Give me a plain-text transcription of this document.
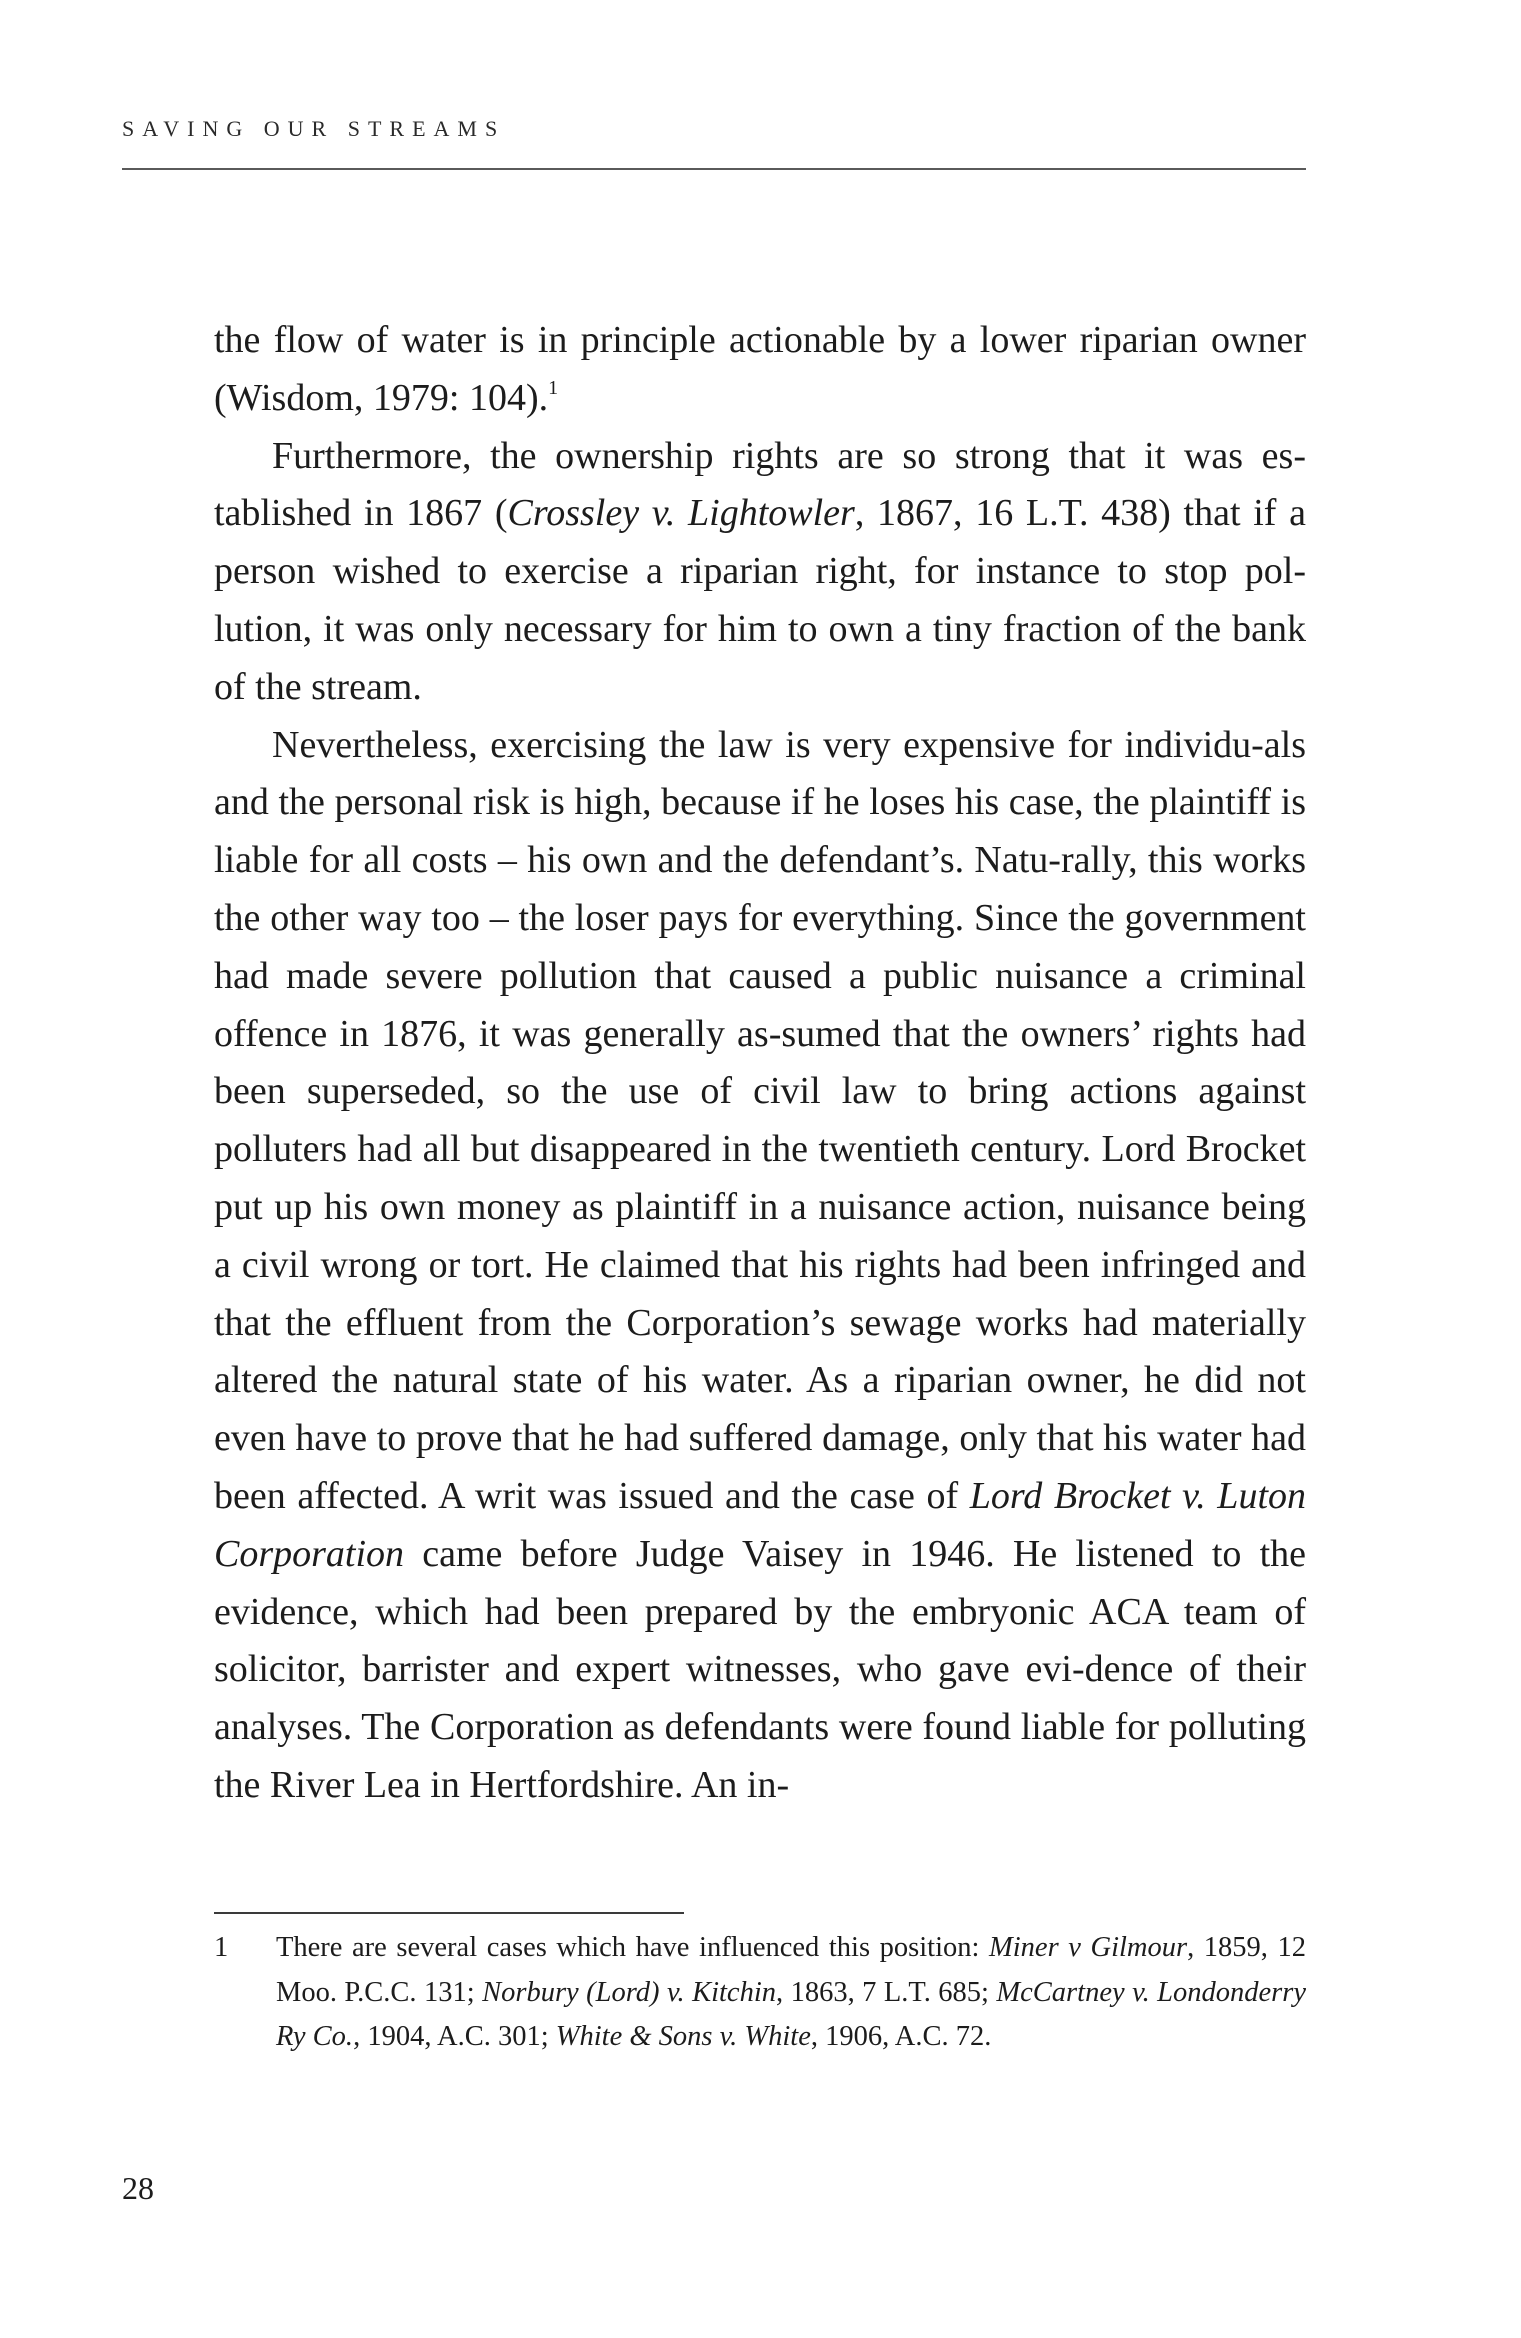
SAVING OUR STREAMS

the flow of water is in principle actionable by a lower riparian owner (Wisdom, 1979: 104).$^1$

Furthermore, the ownership rights are so strong that it was es-tablished in 1867 (Crossley v. Lightowler, 1867, 16 L.T. 438) that if a person wished to exercise a riparian right, for instance to stop pol-lution, it was only necessary for him to own a tiny fraction of the bank of the stream.

Nevertheless, exercising the law is very expensive for individu-als and the personal risk is high, because if he loses his case, the plaintiff is liable for all costs – his own and the defendant’s. Natu-rally, this works the other way too – the loser pays for everything. Since the government had made severe pollution that caused a public nuisance a criminal offence in 1876, it was generally as-sumed that the owners’ rights had been superseded, so the use of civil law to bring actions against polluters had all but disappeared in the twentieth century. Lord Brocket put up his own money as plaintiff in a nuisance action, nuisance being a civil wrong or tort. He claimed that his rights had been infringed and that the effluent from the Corporation’s sewage works had materially altered the natural state of his water. As a riparian owner, he did not even have to prove that he had suffered damage, only that his water had been affected. A writ was issued and the case of Lord Brocket v. Luton Corporation came before Judge Vaisey in 1946. He listened to the evidence, which had been prepared by the embryonic ACA team of solicitor, barrister and expert witnesses, who gave evi-dence of their analyses. The Corporation as defendants were found liable for polluting the River Lea in Hertfordshire. An in-

1	There are several cases which have influenced this position: Miner v Gilmour, 1859, 12 Moo. P.C.C. 131; Norbury (Lord) v. Kitchin, 1863, 7 L.T. 685; McCartney v. Londonderry Ry Co., 1904, A.C. 301; White & Sons v. White, 1906, A.C. 72.
28
